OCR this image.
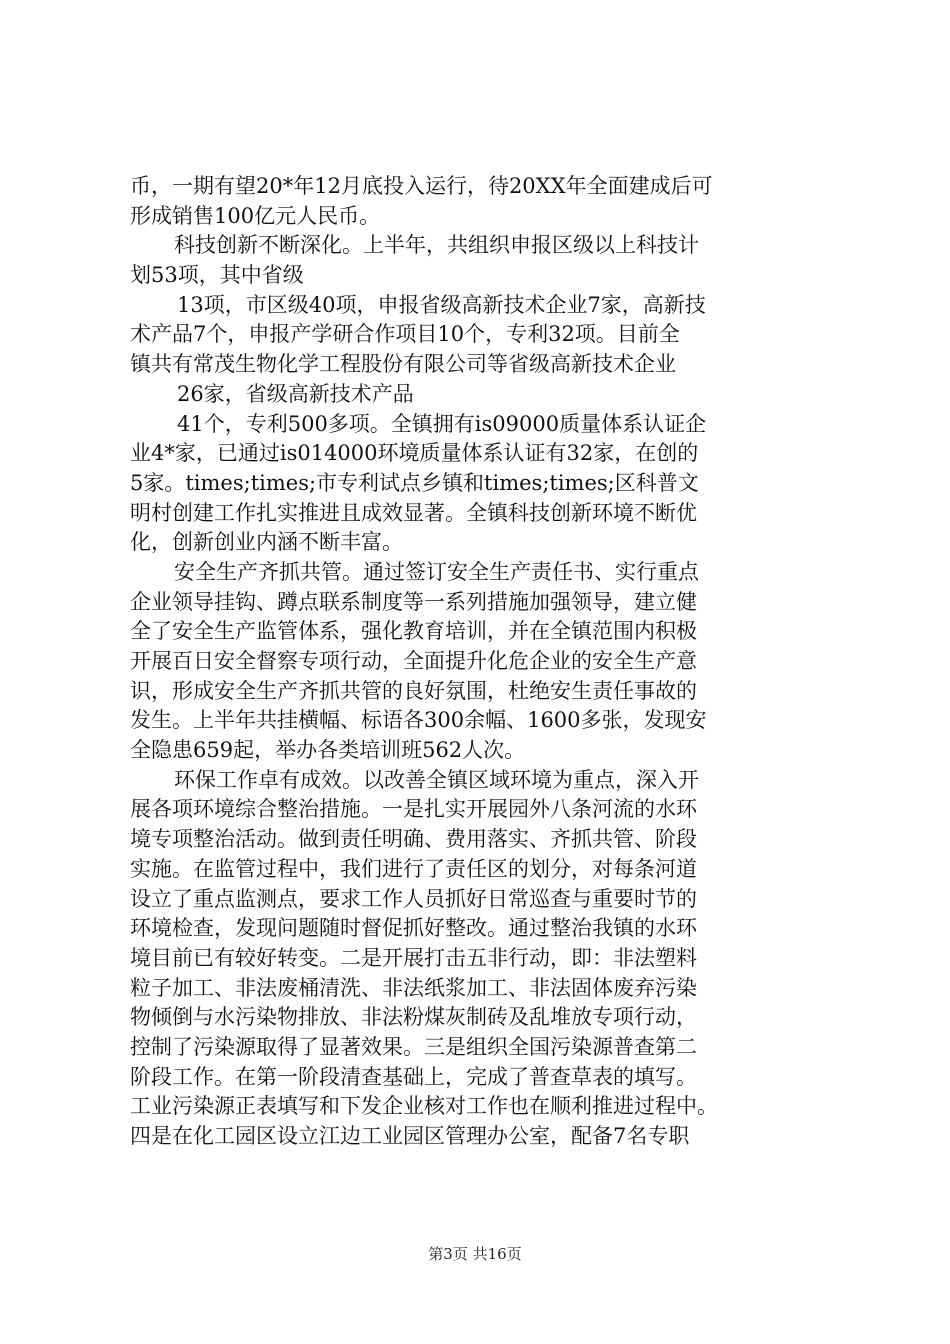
币，一期有望20*年12月底投入运行，待20XX年全面建成后可
形成销售100亿元人民币。
科技创新不断深化。上半年，共组织申报区级以上科技计
划53项，其中省级
13项，市区级40项，申报省级高新技术企业7家，高新技
术产品7个，申报产学研合作项目10个，专利32项。目前全
镇共有常茂生物化学工程股份有限公司等省级高新技术企业
26家，省级高新技术产品
41个，专利500多项。全镇拥有is09000质量体系认证企
业4*家，已通过is014000环境质量体系认证有32家，在创的
5家。times;times;市专利试点乡镇和times;times;区科普文
明村创建工作扎实推进且成效显著。全镇科技创新环境不断优
化，创新创业内涵不断丰富。
安全生产齐抓共管。通过签订安全生产责任书、实行重点
企业领导挂钩、蹲点联系制度等一系列措施加强领导，建立健
全了安全生产监管体系，强化教育培训，并在全镇范围内积极
开展百日安全督察专项行动，全面提升化危企业的安全生产意
识，形成安全生产齐抓共管的良好氛围，杜绝安生责任事故的
发生。上半年共挂横幅、标语各300余幅、1600多张，发现安
全隐患659起，举办各类培训班562人次。
环保工作卓有成效。以改善全镇区域环境为重点，深入开
展各项环境综合整治措施。一是扎实开展园外八条河流的水环
境专项整治活动。做到责任明确、费用落实、齐抓共管、阶段
实施。在监管过程中，我们进行了责任区的划分，对每条河道
设立了重点监测点，要求工作人员抓好日常巡查与重要时节的
环境检查，发现问题随时督促抓好整改。通过整治我镇的水环
境目前已有较好转变。二是开展打击五非行动，即：非法塑料
粒子加工、非法废桶清洗、非法纸浆加工、非法固体废弃污染
物倾倒与水污染物排放、非法粉煤灰制砖及乱堆放专项行动，
控制了污染源取得了显著效果。三是组织全国污染源普查第二
阶段工作。在第一阶段清查基础上，完成了普查草表的填写。
工业污染源正表填写和下发企业核对工作也在顺利推进过程中。
四是在化工园区设立江边工业园区管理办公室，配备7名专职
第3页 共16页
